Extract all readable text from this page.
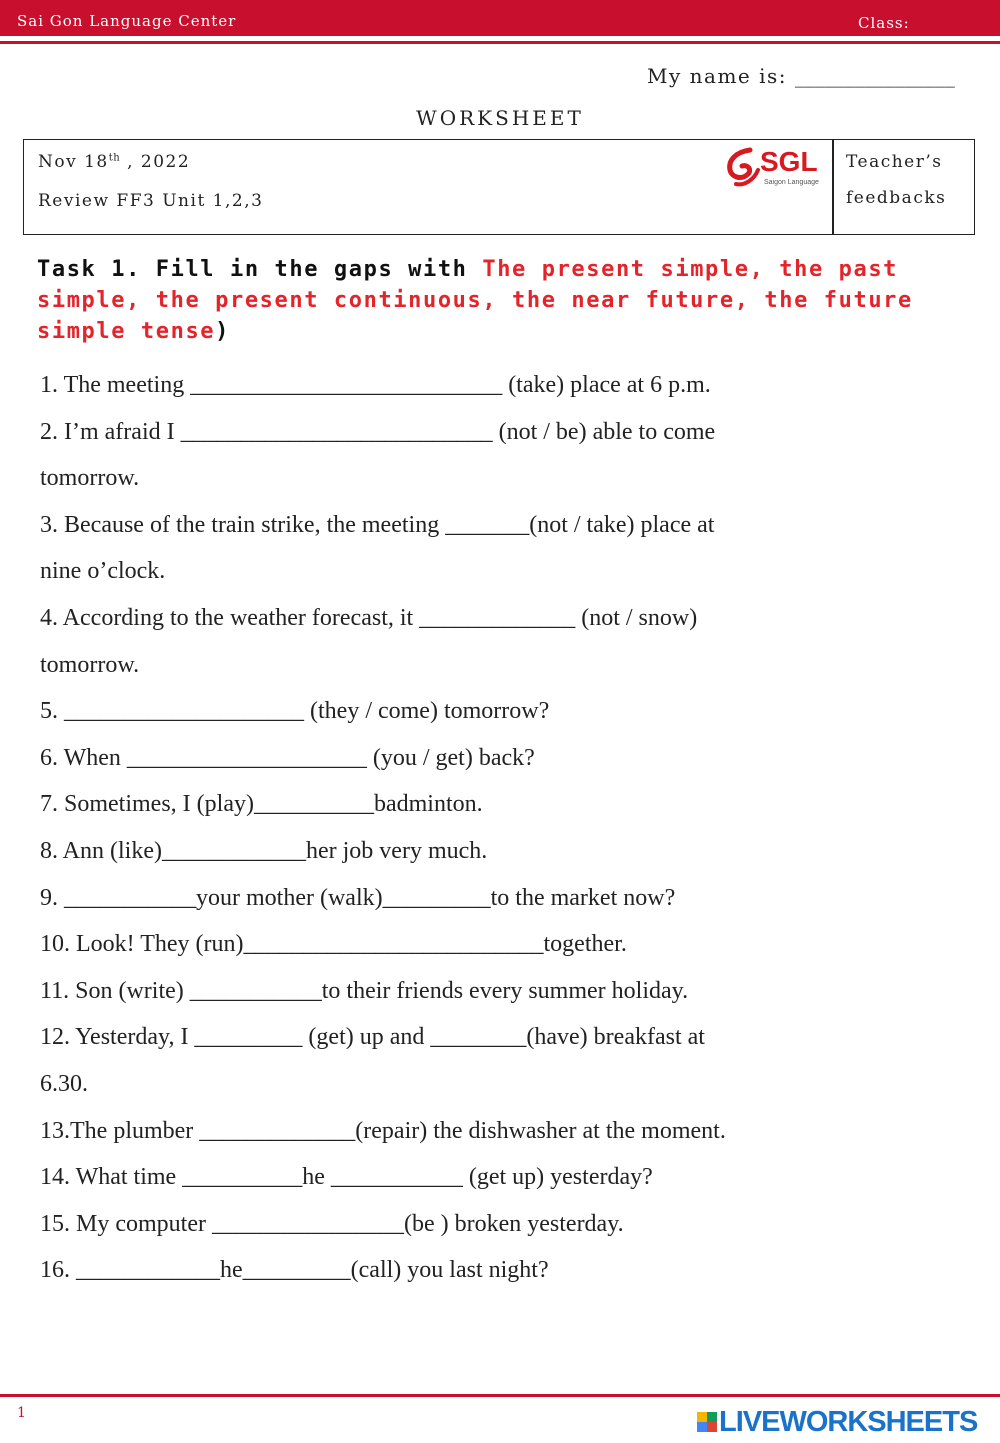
Sai Gon Language Center	Class:
My name is: ________________
WORKSHEET
Nov 18th , 2022
Review FF3 Unit 1,2,3
SGL
Saigon Language
Teacher’s
feedbacks
Task 1. Fill in the gaps with The present simple, the past simple, the present continuous, the near future, the future simple tense)

1. The meeting __________________________ (take) place at 6 p.m.

2. I’m afraid I __________________________ (not / be) able to come

tomorrow.

3. Because of the train strike, the meeting _______(not / take) place at

nine o’clock.

4. According to the weather forecast, it _____________ (not / snow)

tomorrow.

5. ____________________ (they / come) tomorrow?

6. When ____________________ (you / get) back?

7. Sometimes, I (play)__________badminton.

8. Ann (like)____________her job very much.

9. ___________your mother (walk)_________to the market now?

10. Look! They (run)_________________________together.

11. Son (write) ___________to their friends every summer holiday.

12. Yesterday, I _________ (get) up and ________(have) breakfast at

6.30.

13.The plumber _____________(repair) the dishwasher at the moment.

14. What time __________he ___________ (get up) yesterday?

15. My computer ________________(be ) broken yesterday.

16. ____________he_________(call) you last night?

1	LIVEWORKSHEETS
